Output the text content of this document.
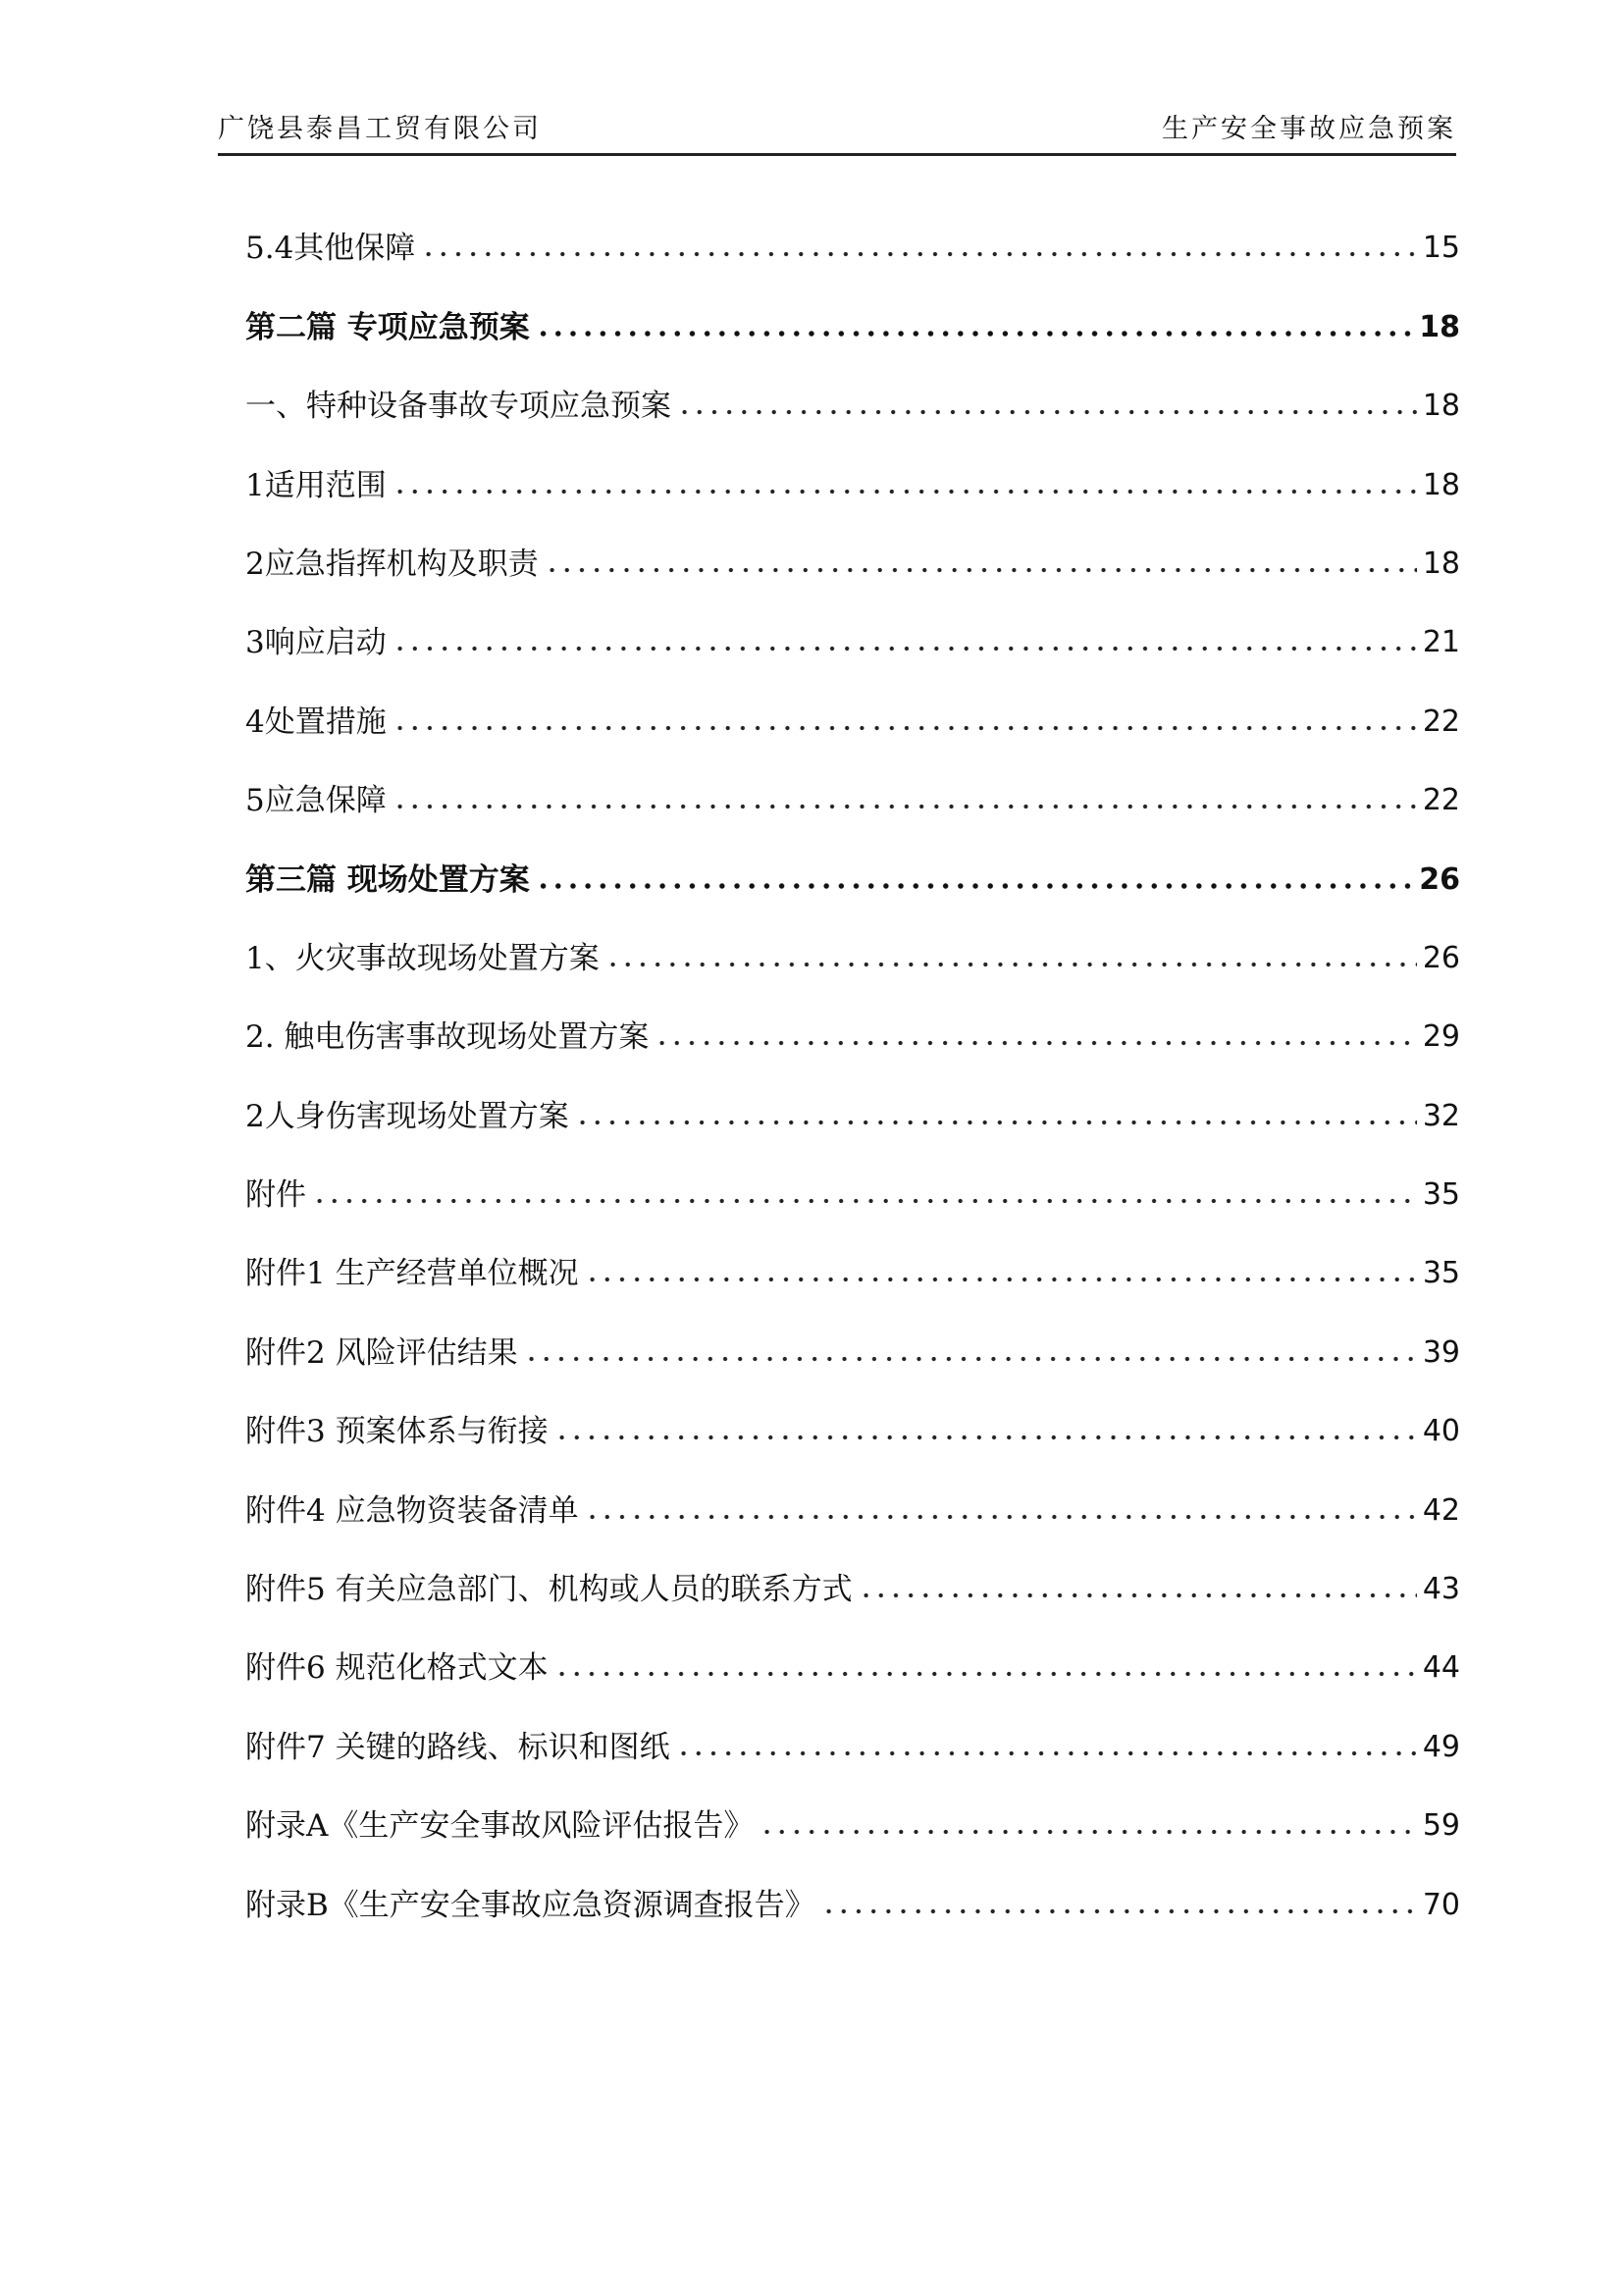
广饶县泰昌工贸有限公司	生产安全事故应急预案
5.4其他保障	15
第二篇 专项应急预案	18
一、特种设备事故专项应急预案	18
1适用范围	18
2应急指挥机构及职责	18
3响应启动	21
4处置措施	22
5应急保障	22
第三篇 现场处置方案	26
1、火灾事故现场处置方案	26
2. 触电伤害事故现场处置方案	29
2人身伤害现场处置方案	32
附件	35
附件1 生产经营单位概况	35
附件2 风险评估结果	39
附件3 预案体系与衔接	40
附件4 应急物资装备清单	42
附件5 有关应急部门、机构或人员的联系方式	43
附件6 规范化格式文本	44
附件7 关键的路线、标识和图纸	49
附录A《生产安全事故风险评估报告》	59
附录B《生产安全事故应急资源调查报告》	70
